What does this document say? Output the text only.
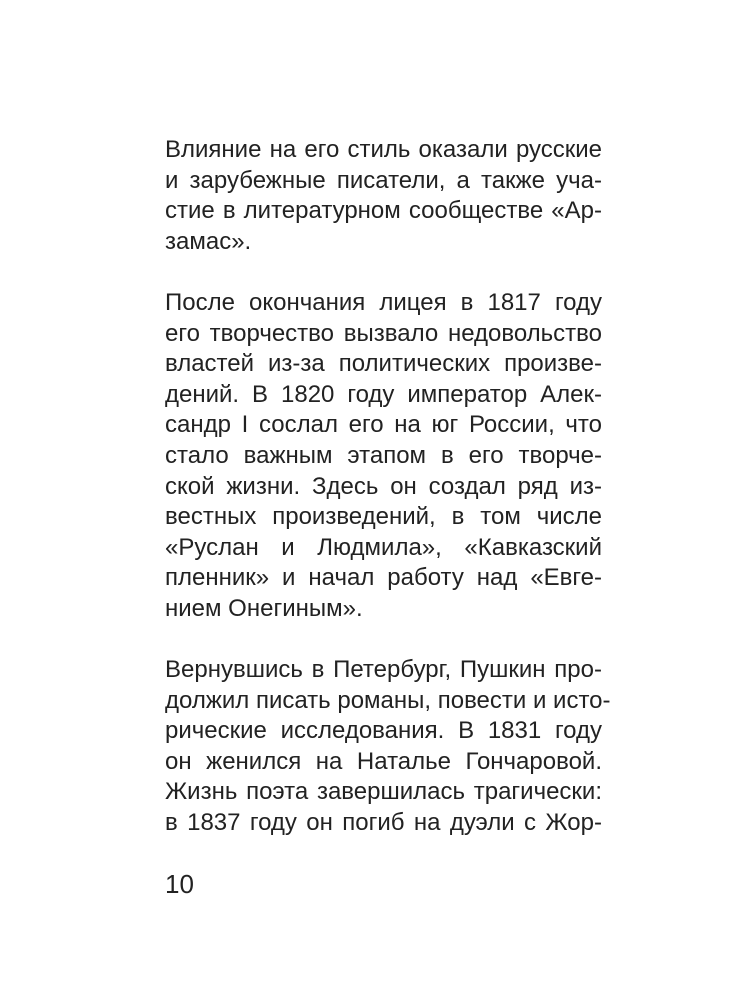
Влияние на его стиль оказали русские
и зарубежные писатели, а также уча-
стие в литературном сообществе «Ар-
замас».

После окончания лицея в 1817 году
его творчество вызвало недовольство
властей из-за политических произве-
дений. В 1820 году император Алек-
сандр I сослал его на юг России, что
стало важным этапом в его творче-
ской жизни. Здесь он создал ряд из-
вестных произведений, в том числе
«Руслан и Людмила», «Кавказский
пленник» и начал работу над «Евге-
нием Онегиным».

Вернувшись в Петербург, Пушкин про-
должил писать романы, повести и исто-
рические исследования. В 1831 году
он женился на Наталье Гончаровой.
Жизнь поэта завершилась трагически:
в 1837 году он погиб на дуэли с Жор-

10
